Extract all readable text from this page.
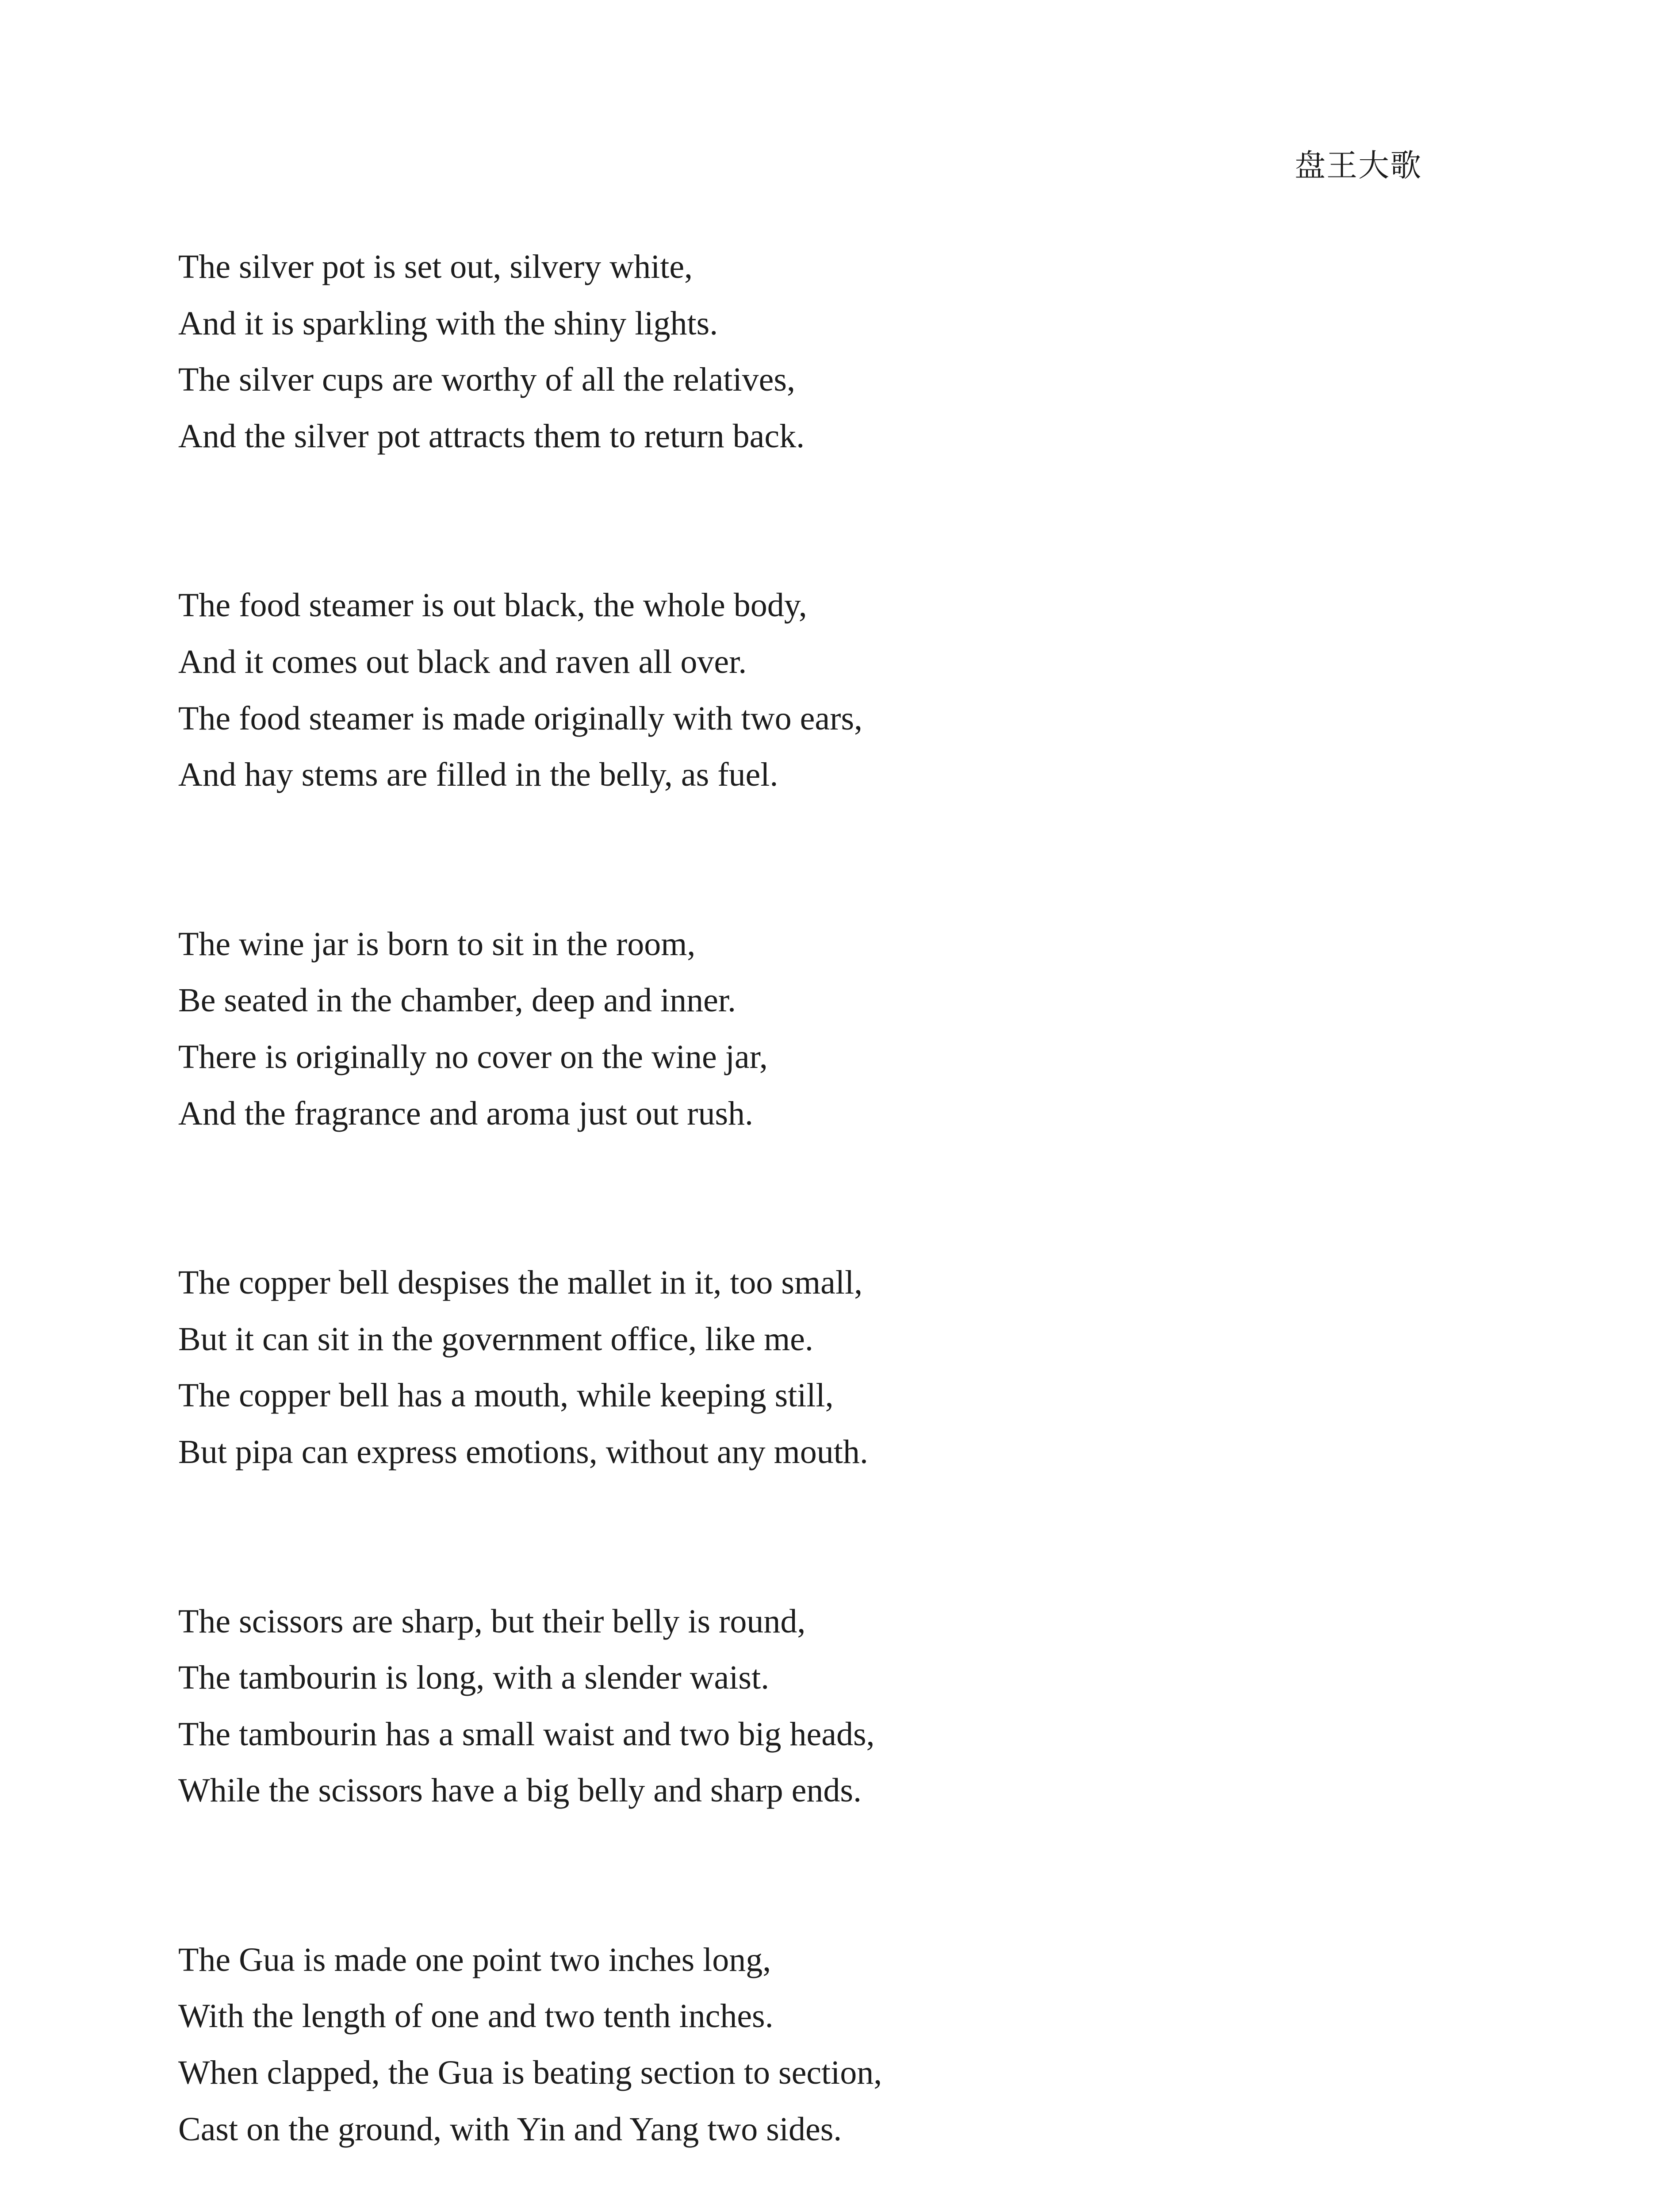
盘王大歌
The silver pot is set out, silvery white,
And it is sparkling with the shiny lights.
The silver cups are worthy of all the relatives,
And the silver pot attracts them to return back.
The food steamer is out black, the whole body,
And it comes out black and raven all over.
The food steamer is made originally with two ears,
And hay stems are filled in the belly, as fuel.
The wine jar is born to sit in the room,
Be seated in the chamber, deep and inner.
There is originally no cover on the wine jar,
And the fragrance and aroma just out rush.
The copper bell despises the mallet in it, too small,
But it can sit in the government office, like me.
The copper bell has a mouth, while keeping still,
But pipa can express emotions, without any mouth.
The scissors are sharp, but their belly is round,
The tambourin is long, with a slender waist.
The tambourin has a small waist and two big heads,
While the scissors have a big belly and sharp ends.
The Gua is made one point two inches long,
With the length of one and two tenth inches.
When clapped, the Gua is beating section to section,
Cast on the ground, with Yin and Yang two sides.
